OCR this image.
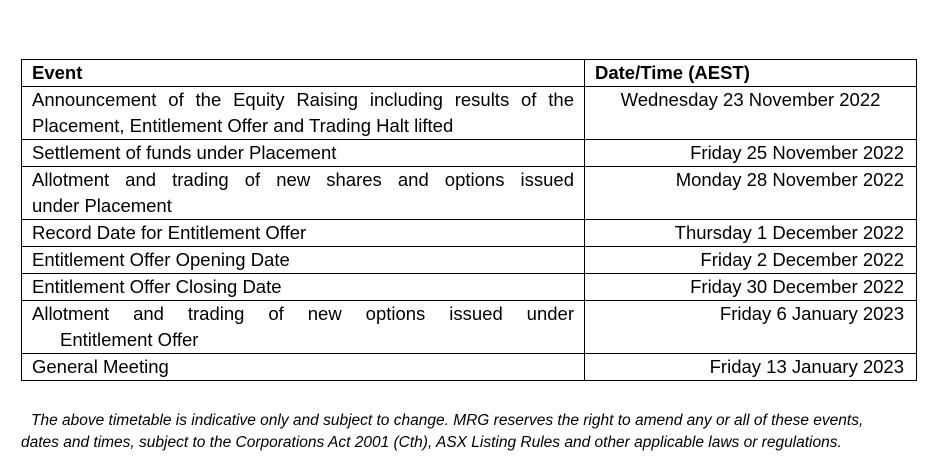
Event	Date/Time (AEST)

Announcement of the Equity Raising including results of the
Placement, Entitlement Offer and Trading Halt lifted	Wednesday 23 November 2022
Settlement of funds under Placement	Friday 25 November 2022

Allotment and trading of new shares and options issued
under Placement	Monday 28 November 2022
Record Date for Entitlement Offer	Thursday 1 December 2022
Entitlement Offer Opening Date	Friday 2 December 2022
Entitlement Offer Closing Date	Friday 30 December 2022

Allotment and trading of new options issued under
Entitlement Offer	Friday 6 January 2023
General Meeting	Friday 13 January 2023

The above timetable is indicative only and subject to change. MRG reserves the right to amend any or all of these events,
dates and times, subject to the Corporations Act 2001 (Cth), ASX Listing Rules and other applicable laws or regulations.
